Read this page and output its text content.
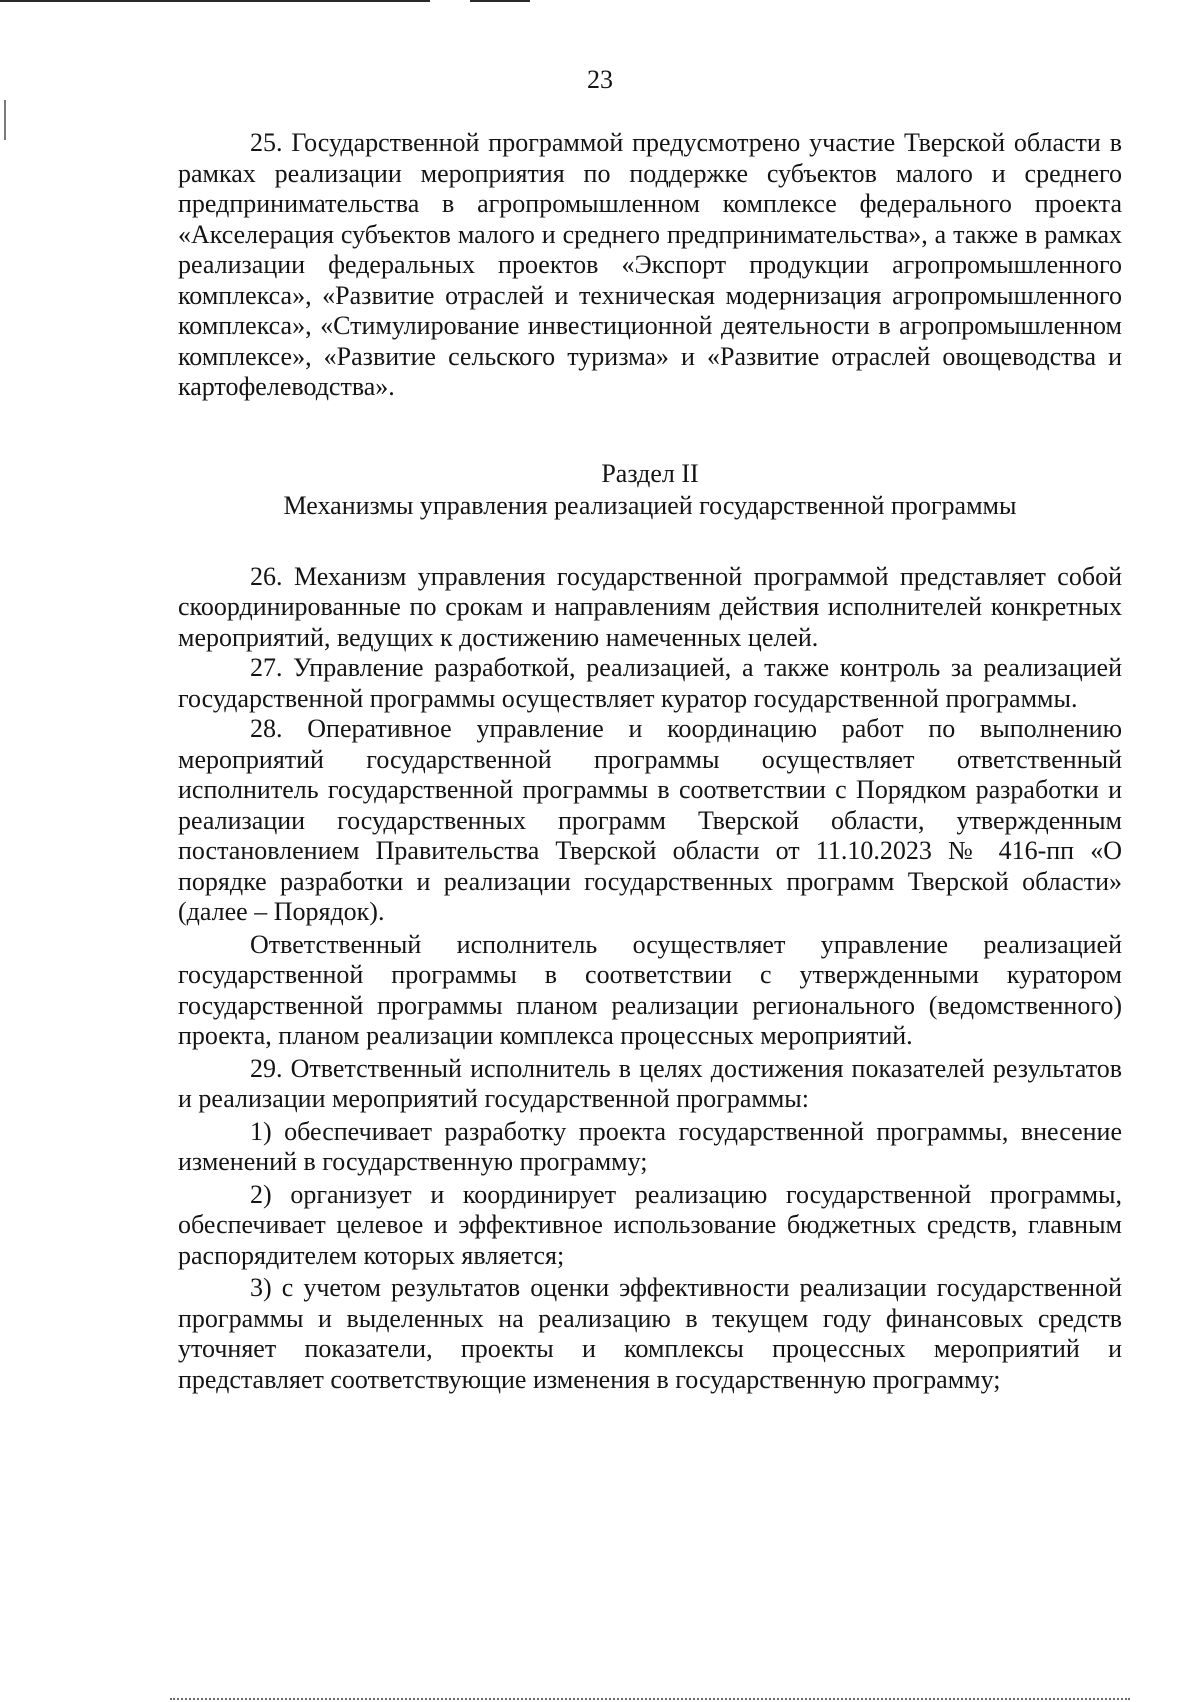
23

25. Государственной программой предусмотрено участие Тверской области в рамках реализации мероприятия по поддержке субъектов малого и среднего предпринимательства в агропромышленном комплексе федерального проекта «Акселерация субъектов малого и среднего предпринимательства», а также в рамках реализации федеральных проектов «Экспорт продукции агропромышленного комплекса», «Развитие отраслей и техническая модернизация агропромышленного комплекса», «Стимулирование инвестиционной деятельности в агропромышленном комплексе», «Развитие сельского туризма» и «Развитие отраслей овощеводства и картофелеводства».

Раздел II
Механизмы управления реализацией государственной программы

26. Механизм управления государственной программой представляет собой скоординированные по срокам и направлениям действия исполнителей конкретных мероприятий, ведущих к достижению намеченных целей.

27. Управление разработкой, реализацией, а также контроль за реализацией государственной программы осуществляет куратор государственной программы.

28. Оперативное управление и координацию работ по выполнению мероприятий государственной программы осуществляет ответственный исполнитель государственной программы в соответствии с Порядком разработки и реализации государственных программ Тверской области, утвержденным постановлением Правительства Тверской области от 11.10.2023 № 416-пп «О порядке разработки и реализации государственных программ Тверской области» (далее – Порядок).

Ответственный исполнитель осуществляет управление реализацией государственной программы в соответствии с утвержденными куратором государственной программы планом реализации регионального (ведомственного) проекта, планом реализации комплекса процессных мероприятий.

29. Ответственный исполнитель в целях достижения показателей результатов и реализации мероприятий государственной программы:

1) обеспечивает разработку проекта государственной программы, внесение изменений в государственную программу;

2) организует и координирует реализацию государственной программы, обеспечивает целевое и эффективное использование бюджетных средств, главным распорядителем которых является;

3) с учетом результатов оценки эффективности реализации государственной программы и выделенных на реализацию в текущем году финансовых средств уточняет показатели, проекты и комплексы процессных мероприятий и представляет соответствующие изменения в государственную программу;
